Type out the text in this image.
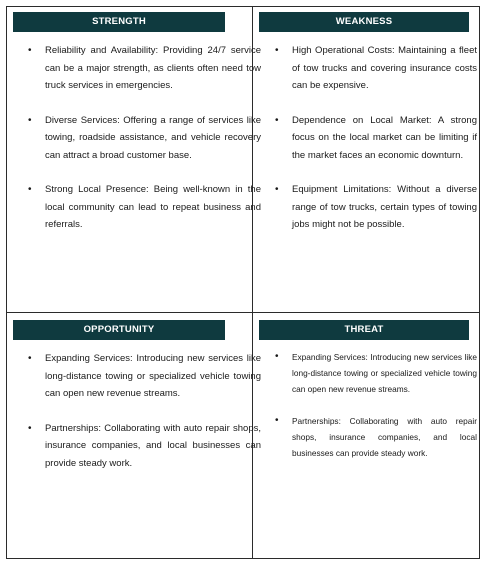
STRENGTH
• Reliability and Availability: Providing 24/7 service can be a major strength, as clients often need tow truck services in emergencies.
• Diverse Services: Offering a range of services like towing, roadside assistance, and vehicle recovery can attract a broad customer base.
• Strong Local Presence: Being well-known in the local community can lead to repeat business and referrals.
WEAKNESS
• High Operational Costs: Maintaining a fleet of tow trucks and covering insurance costs can be expensive.
• Dependence on Local Market: A strong focus on the local market can be limiting if the market faces an economic downturn.
• Equipment Limitations: Without a diverse range of tow trucks, certain types of towing jobs might not be possible.
OPPORTUNITY
• Expanding Services: Introducing new services like long-distance towing or specialized vehicle towing can open new revenue streams.
• Partnerships: Collaborating with auto repair shops, insurance companies, and local businesses can provide steady work.
THREAT
• Expanding Services: Introducing new services like long-distance towing or specialized vehicle towing can open new revenue streams.
• Partnerships: Collaborating with auto repair shops, insurance companies, and local businesses can provide steady work.
